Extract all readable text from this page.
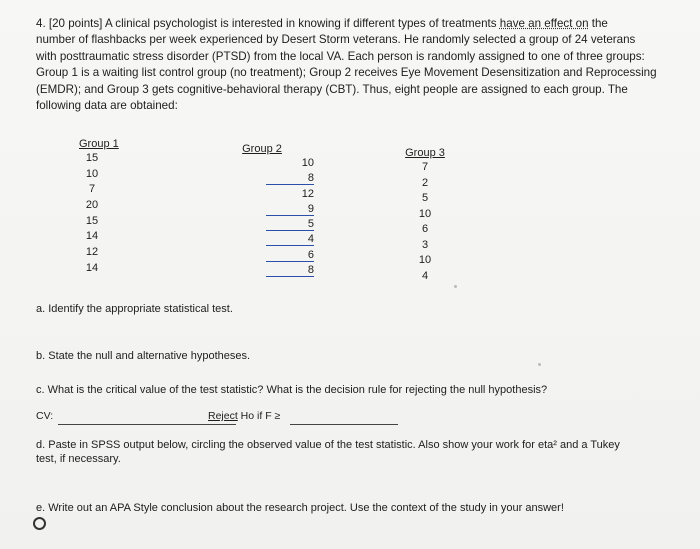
4. [20 points] A clinical psychologist is interested in knowing if different types of treatments have an effect on the

number of flashbacks per week experienced by Desert Storm veterans. He randomly selected a group of 24 veterans

with posttraumatic stress disorder (PTSD) from the local VA. Each person is randomly assigned to one of three groups:

Group 1 is a waiting list control group (no treatment); Group 2 receives Eye Movement Desensitization and Reprocessing

(EMDR); and Group 3 gets cognitive-behavioral therapy (CBT). Thus, eight people are assigned to each group. The

following data are obtained:

Group 1
15
10
7
20
15
14
12
14
Group 2
10
8
12
9
5
4
6
8
Group 3
7
2
5
10
6
3
10
4
a. Identify the appropriate statistical test.
b. State the null and alternative hypotheses.
c. What is the critical value of the test statistic? What is the decision rule for rejecting the null hypothesis?
CV:	Reject Ho if F ≥
d. Paste in SPSS output below, circling the observed value of the test statistic. Also show your work for eta² and a Tukey
test, if necessary.
e. Write out an APA Style conclusion about the research project. Use the context of the study in your answer!
